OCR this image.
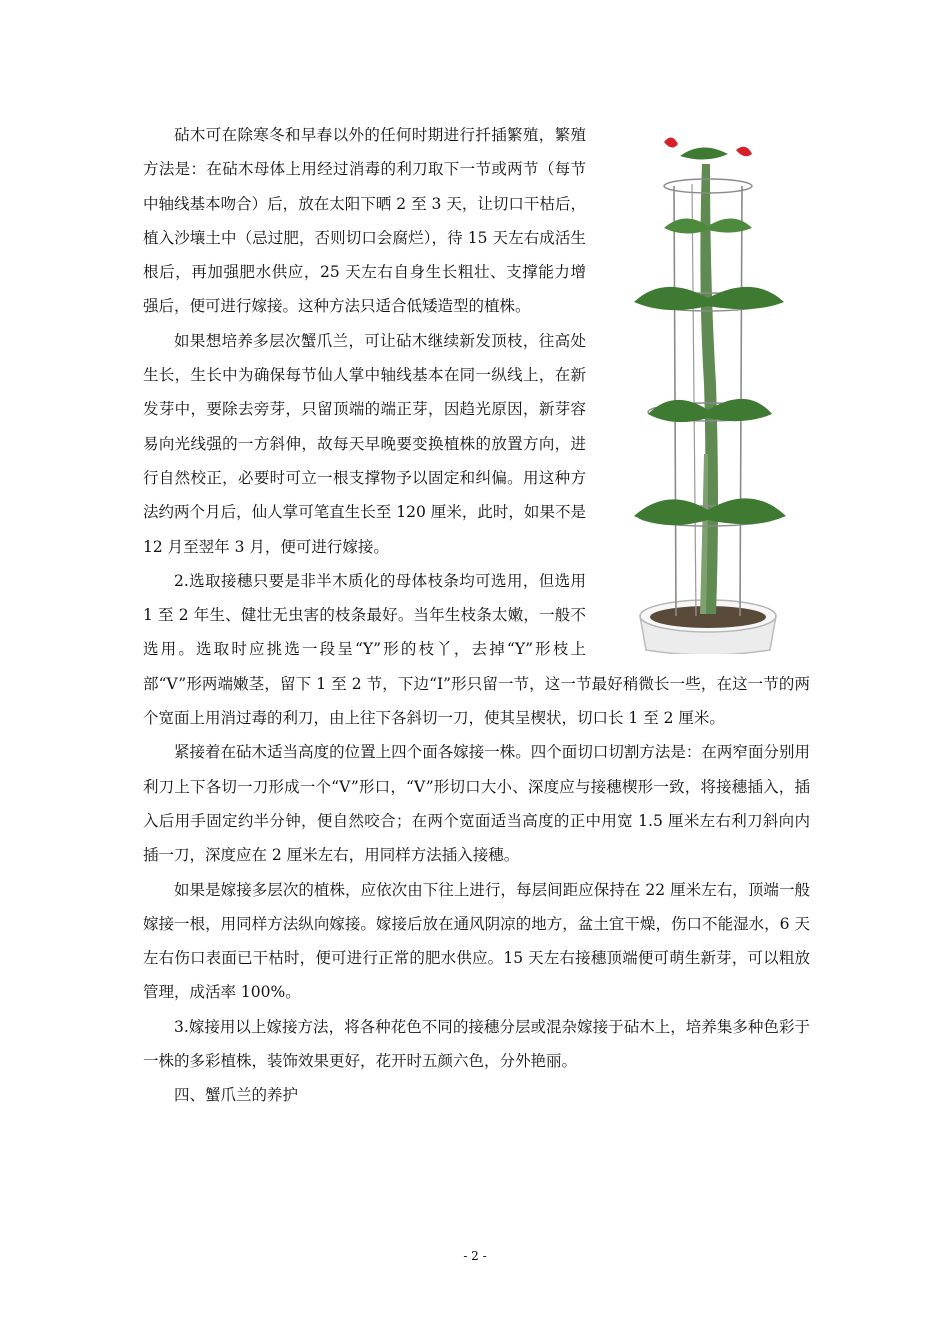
砧木可在除寒冬和早春以外的任何时期进行扦插繁殖，繁殖方法是：在砧木母体上用经过消毒的利刀取下一节或两节（每节中轴线基本吻合）后，放在太阳下晒 2 至 3 天，让切口干枯后，植入沙壤土中（忌过肥，否则切口会腐烂），待 15 天左右成活生根后，再加强肥水供应，25 天左右自身生长粗壮、支撑能力增强后，便可进行嫁接。这种方法只适合低矮造型的植株。

如果想培养多层次蟹爪兰，可让砧木继续新发顶枝，往高处生长，生长中为确保每节仙人掌中轴线基本在同一纵线上，在新发芽中，要除去旁芽，只留顶端的端正芽，因趋光原因，新芽容易向光线强的一方斜伸，故每天早晚要变换植株的放置方向，进行自然校正，必要时可立一根支撑物予以固定和纠偏。用这种方法约两个月后，仙人掌可笔直生长至 120 厘米，此时，如果不是 12 月至翌年 3 月，便可进行嫁接。

2.选取接穗只要是非半木质化的母体枝条均可选用，但选用 1 至 2 年生、健壮无虫害的枝条最好。当年生枝条太嫩，一般不选用。选取时应挑选一段呈“Y”形的枝丫，去掉“Y”形枝上部“V”形两端嫩茎，留下 1 至 2 节，下边“I”形只留一节，这一节最好稍微长一些，在这一节的两个宽面上用消过毒的利刀，由上往下各斜切一刀，使其呈楔状，切口长 1 至 2 厘米。

紧接着在砧木适当高度的位置上四个面各嫁接一株。四个面切口切割方法是：在两窄面分别用利刀上下各切一刀形成一个“V”形口，“V”形切口大小、深度应与接穗楔形一致，将接穗插入，插入后用手固定约半分钟，便自然咬合；在两个宽面适当高度的正中用宽 1.5 厘米左右利刀斜向内插一刀，深度应在 2 厘米左右，用同样方法插入接穗。

如果是嫁接多层次的植株，应依次由下往上进行，每层间距应保持在 22 厘米左右，顶端一般嫁接一根，用同样方法纵向嫁接。嫁接后放在通风阴凉的地方，盆土宜干燥，伤口不能湿水，6 天左右伤口表面已干枯时，便可进行正常的肥水供应。15 天左右接穗顶端便可萌生新芽，可以粗放管理，成活率 100%。

3.嫁接用以上嫁接方法，将各种花色不同的接穗分层或混杂嫁接于砧木上，培养集多种色彩于一株的多彩植株，装饰效果更好，花开时五颜六色，分外艳丽。

四、蟹爪兰的养护

- 2 -
